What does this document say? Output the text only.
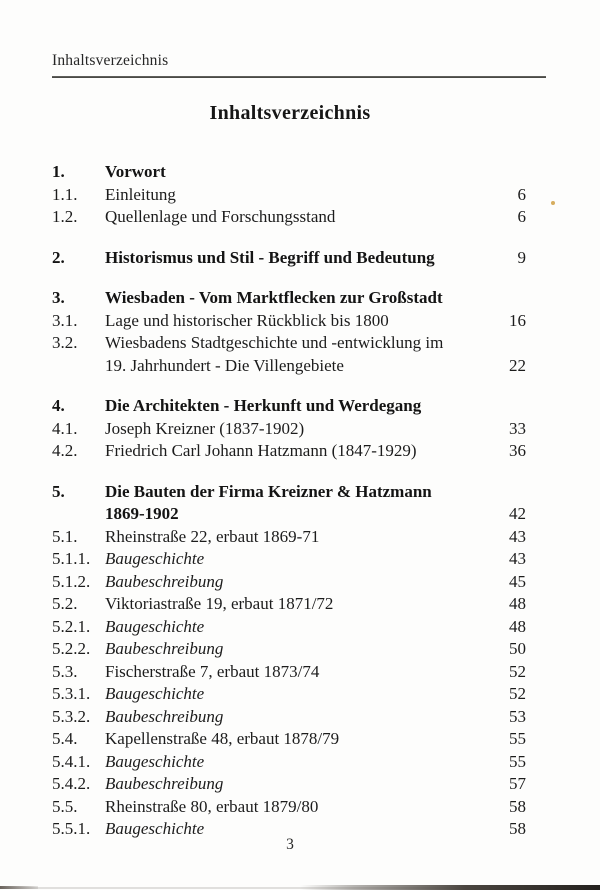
Inhaltsverzeichnis
Inhaltsverzeichnis
1.	Vorwort
1.1.	Einleitung	6
1.2.	Quellenlage und Forschungsstand	6
2.	Historismus und Stil - Begriff und Bedeutung	9
3.	Wiesbaden - Vom Marktflecken zur Großstadt
3.1.	Lage und historischer Rückblick bis 1800	16
3.2.	Wiesbadens Stadtgeschichte und -entwicklung im
19. Jahrhundert - Die Villengebiete	22
4.	Die Architekten - Herkunft und Werdegang
4.1.	Joseph Kreizner (1837-1902)	33
4.2.	Friedrich Carl Johann Hatzmann (1847-1929)	36
5.	Die Bauten der Firma Kreizner & Hatzmann
1869-1902	42
5.1.	Rheinstraße 22, erbaut 1869-71	43
5.1.1. Baugeschichte	43
5.1.2. Baubeschreibung	45
5.2.	Viktoriastraße 19, erbaut 1871/72	48
5.2.1. Baugeschichte	48
5.2.2. Baubeschreibung	50
5.3.	Fischerstraße 7, erbaut 1873/74	52
5.3.1. Baugeschichte	52
5.3.2. Baubeschreibung	53
5.4.	Kapellenstraße 48, erbaut 1878/79	55
5.4.1. Baugeschichte	55
5.4.2. Baubeschreibung	57
5.5.	Rheinstraße 80, erbaut 1879/80	58
5.5.1. Baugeschichte	58
3
